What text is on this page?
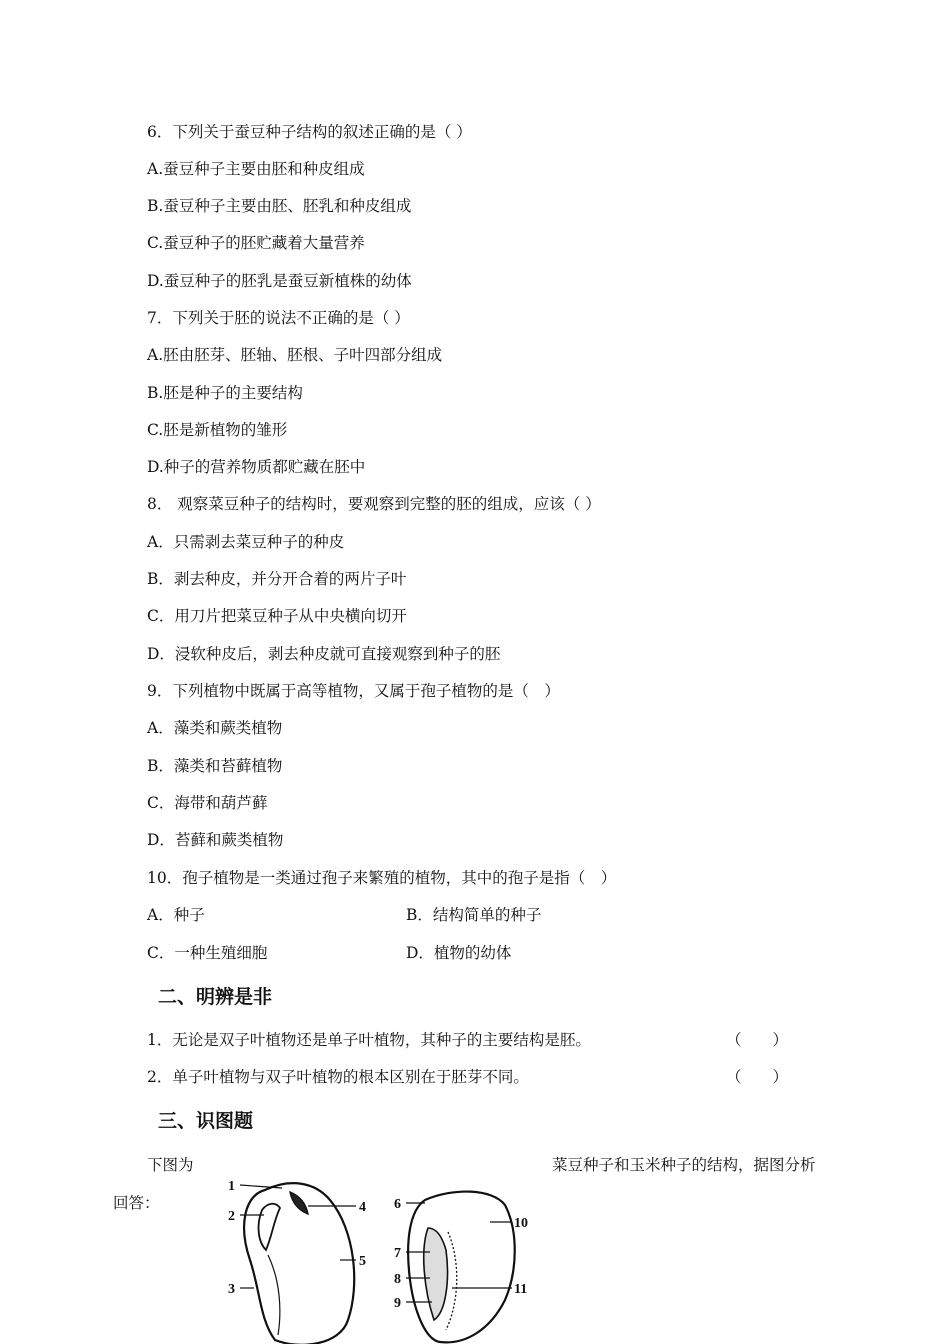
6．下列关于蚕豆种子结构的叙述正确的是（ ）
A.蚕豆种子主要由胚和种皮组成
B.蚕豆种子主要由胚、胚乳和种皮组成
C.蚕豆种子的胚贮藏着大量营养
D.蚕豆种子的胚乳是蚕豆新植株的幼体
7．下列关于胚的说法不正确的是（ ）
A.胚由胚芽、胚轴、胚根、子叶四部分组成
B.胚是种子的主要结构
C.胚是新植物的雏形
D.种子的营养物质都贮藏在胚中
8． 观察菜豆种子的结构时，要观察到完整的胚的组成，应该（ ）
A．只需剥去菜豆种子的种皮
B．剥去种皮，并分开合着的两片子叶
C．用刀片把菜豆种子从中央横向切开
D．浸软种皮后，剥去种皮就可直接观察到种子的胚
9．下列植物中既属于高等植物，又属于孢子植物的是（　）
A．藻类和蕨类植物
B．藻类和苔藓植物
C．海带和葫芦藓
D．苔藓和蕨类植物
10．孢子植物是一类通过孢子来繁殖的植物，其中的孢子是指（　）
A．种子	B．结构简单的种子
C．一种生殖细胞	D．植物的幼体
二、明辨是非
1．无论是双子叶植物还是单子叶植物，其种子的主要结构是胚。	（　　）
2．单子叶植物与双子叶植物的根本区别在于胚芽不同。	（　　）
三、识图题
下图为	菜豆种子和玉米种子的结构，据图分析
回答：
1
2
3
4
5
6
7
8
9
10
11
